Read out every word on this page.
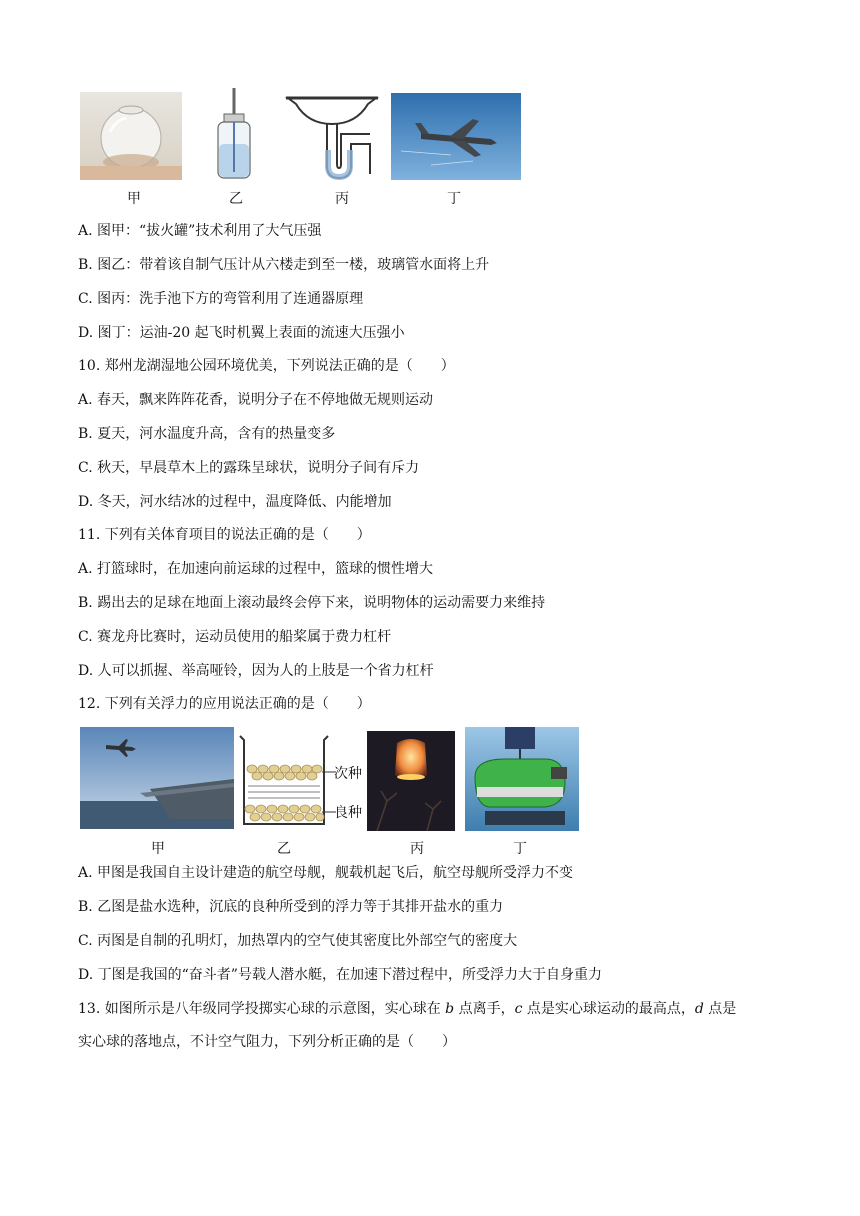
甲	乙	丙	丁
A. 图甲：“拔火罐”技术利用了大气压强
B. 图乙：带着该自制气压计从六楼走到至一楼，玻璃管水面将上升
C. 图丙：洗手池下方的弯管利用了连通器原理
D. 图丁：运油-20 起飞时机翼上表面的流速大压强小
10. 郑州龙湖湿地公园环境优美，下列说法正确的是（　　）
A. 春天，飘来阵阵花香，说明分子在不停地做无规则运动
B. 夏天，河水温度升高，含有的热量变多
C. 秋天，早晨草木上的露珠呈球状，说明分子间有斥力
D. 冬天，河水结冰的过程中，温度降低、内能增加
11. 下列有关体育项目的说法正确的是（　　）
A. 打篮球时，在加速向前运球的过程中，篮球的惯性增大
B. 踢出去的足球在地面上滚动最终会停下来，说明物体的运动需要力来维持
C. 赛龙舟比赛时，运动员使用的船桨属于费力杠杆
D. 人可以抓握、举高哑铃，因为人的上肢是一个省力杠杆
12. 下列有关浮力的应用说法正确的是（　　）
次种
良种
甲	乙	丙	丁
A. 甲图是我国自主设计建造的航空母舰，舰载机起飞后，航空母舰所受浮力不变
B. 乙图是盐水选种，沉底的良种所受到的浮力等于其排开盐水的重力
C. 丙图是自制的孔明灯，加热罩内的空气使其密度比外部空气的密度大
D. 丁图是我国的“奋斗者”号载人潜水艇，在加速下潜过程中，所受浮力大于自身重力
13. 如图所示是八年级同学投掷实心球的示意图，实心球在 b 点离手，c 点是实心球运动的最高点，d 点是
实心球的落地点，不计空气阻力，下列分析正确的是（　　）
